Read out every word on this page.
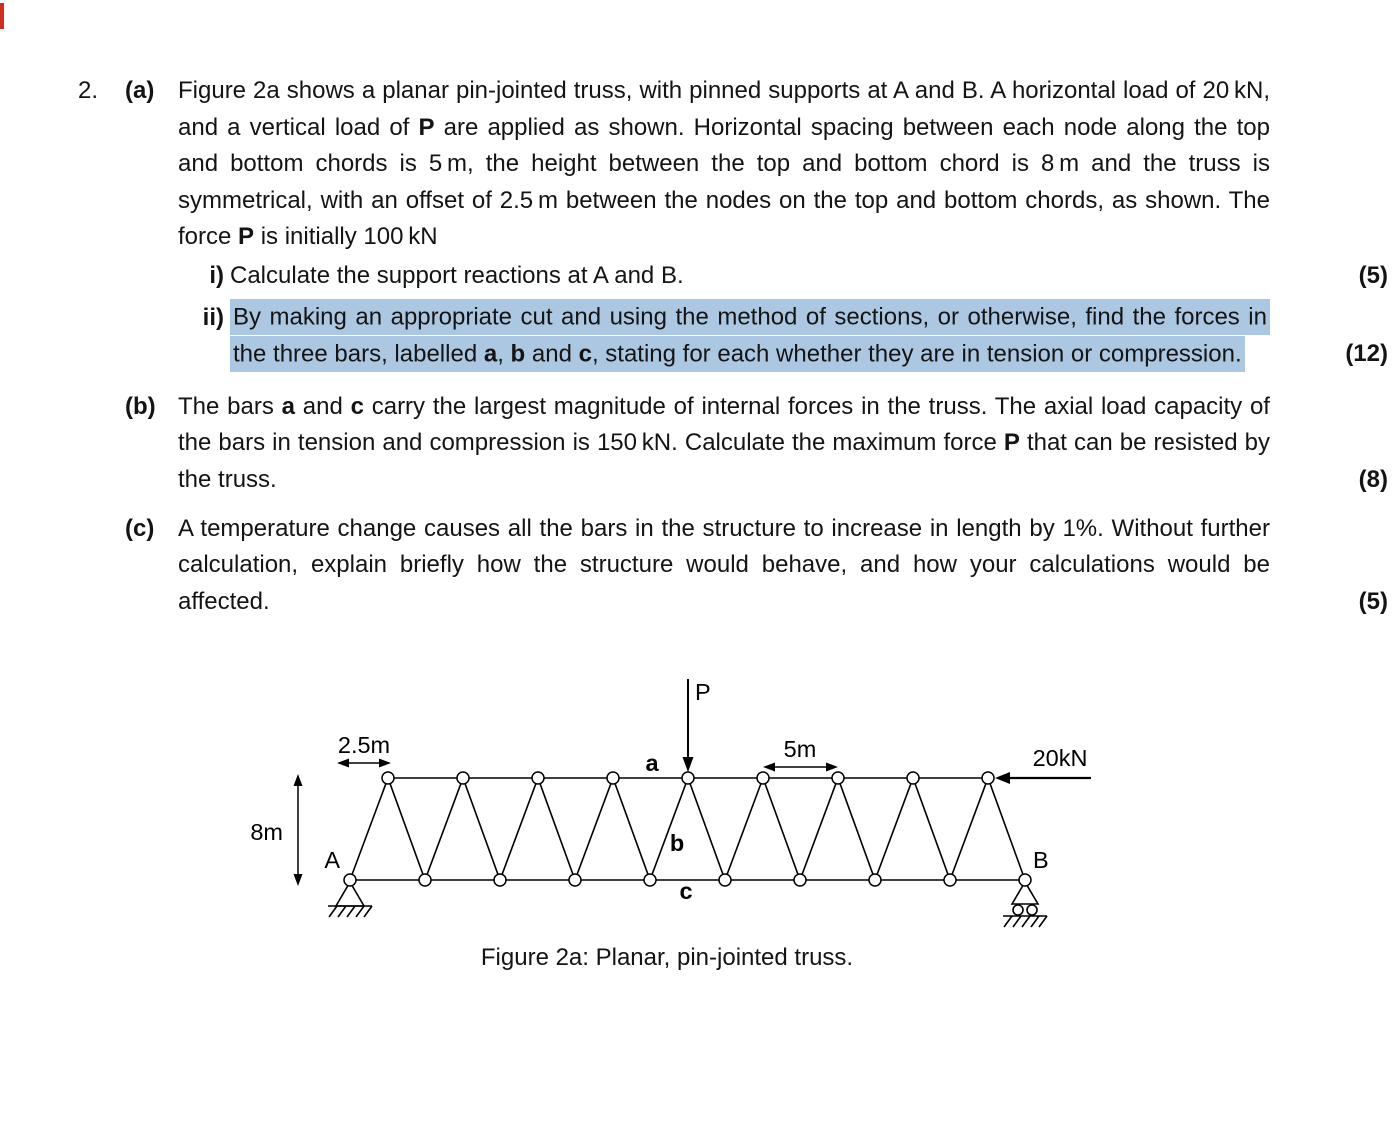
2. (a) Figure 2a shows a planar pin-jointed truss, with pinned supports at A and B. A horizontal load of 20 kN, and a vertical load of P are applied as shown. Horizontal spacing between each node along the top and bottom chords is 5 m, the height between the top and bottom chord is 8 m and the truss is symmetrical, with an offset of 2.5 m between the nodes on the top and bottom chords, as shown. The force P is initially 100 kN

i) Calculate the support reactions at A and B.	(5)
ii) By making an appropriate cut and using the method of sections, or otherwise, find the forces in the three bars, labelled a, b and c, stating for each whether they are in tension or compression.	(12)
(b) The bars a and c carry the largest magnitude of internal forces in the truss. The axial load capacity of the bars in tension and compression is 150 kN. Calculate the maximum force P that can be resisted by the truss.	(8)
(c) A temperature change causes all the bars in the structure to increase in length by 1%. Without further calculation, explain briefly how the structure would behave, and how your calculations would be affected.	(5)
P
20kN
2.5m	5m
8m
A	B
a
b
c
Figure 2a: Planar, pin-jointed truss.
